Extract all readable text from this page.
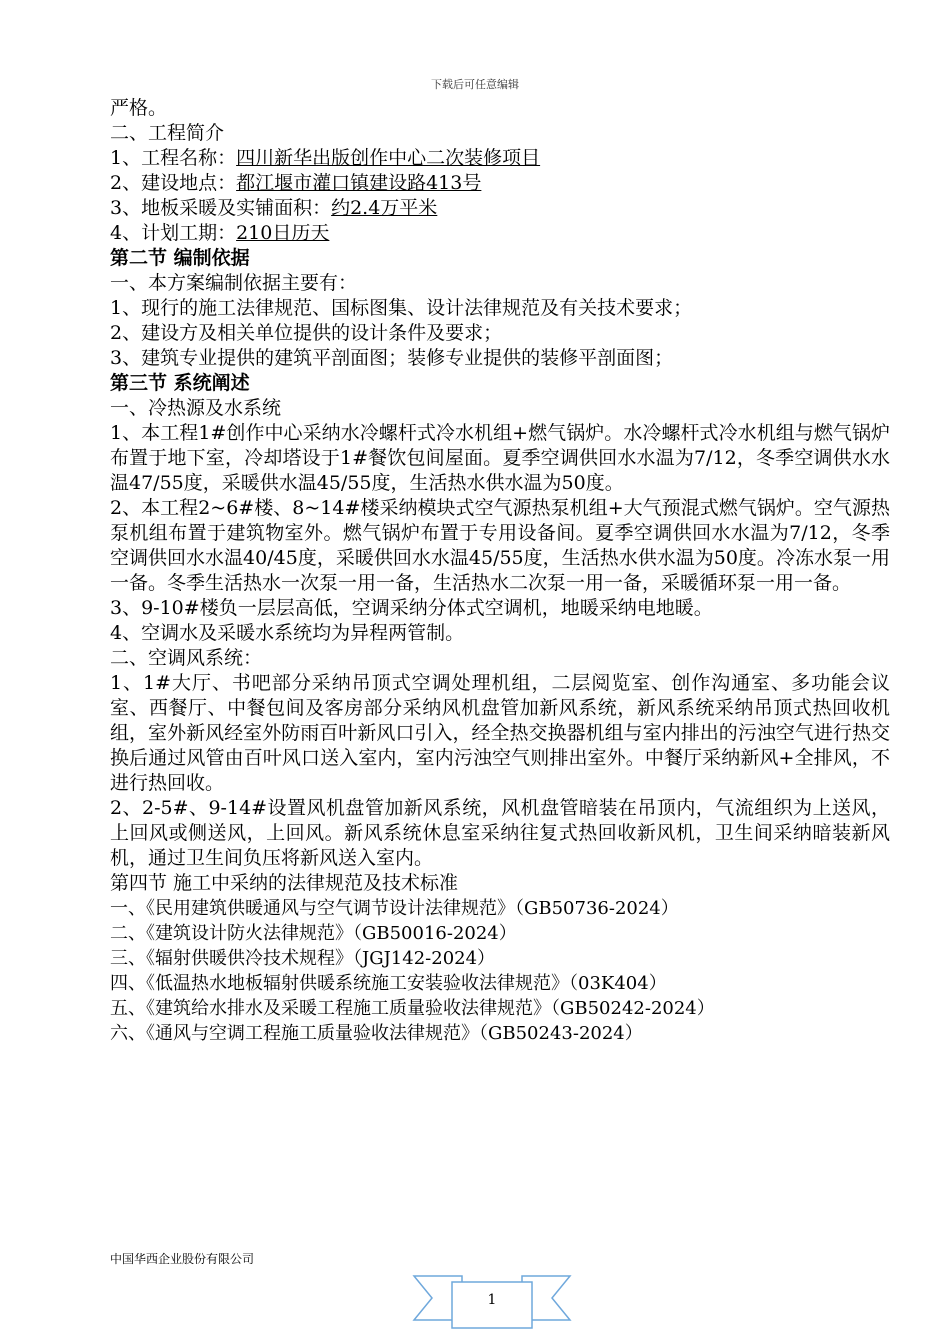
下载后可任意编辑
严格。
二、工程简介
1、工程名称：四川新华出版创作中心二次装修项目
2、建设地点：都江堰市灌口镇建设路413号
3、地板采暖及实铺面积：约2.4万平米
4、计划工期：210日历天
第二节 编制依据
一、本方案编制依据主要有：
1、现行的施工法律规范、国标图集、设计法律规范及有关技术要求；
2、建设方及相关单位提供的设计条件及要求；
3、建筑专业提供的建筑平剖面图；装修专业提供的装修平剖面图；
第三节 系统阐述
一、冷热源及水系统
1、本工程1#创作中心采纳水冷螺杆式冷水机组+燃气锅炉。水冷螺杆式冷水机组与燃气锅炉布置于地下室，冷却塔设于1#餐饮包间屋面。夏季空调供回水水温为7/12，冬季空调供水水温47/55度，采暖供水温45/55度，生活热水供水温为50度。
2、本工程2~6#楼、8~14#楼采纳模块式空气源热泵机组+大气预混式燃气锅炉。空气源热泵机组布置于建筑物室外。燃气锅炉布置于专用设备间。夏季空调供回水水温为7/12，冬季空调供回水水温40/45度，采暖供回水水温45/55度，生活热水供水温为50度。冷冻水泵一用一备。冬季生活热水一次泵一用一备，生活热水二次泵一用一备，采暖循环泵一用一备。
3、9-10#楼负一层层高低，空调采纳分体式空调机，地暖采纳电地暖。
4、空调水及采暖水系统均为异程两管制。
二、空调风系统：
1、1#大厅、书吧部分采纳吊顶式空调处理机组，二层阅览室、创作沟通室、多功能会议室、西餐厅、中餐包间及客房部分采纳风机盘管加新风系统，新风系统采纳吊顶式热回收机组，室外新风经室外防雨百叶新风口引入，经全热交换器机组与室内排出的污浊空气进行热交换后通过风管由百叶风口送入室内，室内污浊空气则排出室外。中餐厅采纳新风+全排风，不进行热回收。
2、2-5#、9-14#设置风机盘管加新风系统，风机盘管暗装在吊顶内，气流组织为上送风，上回风或侧送风，上回风。新风系统休息室采纳往复式热回收新风机，卫生间采纳暗装新风机，通过卫生间负压将新风送入室内。
第四节 施工中采纳的法律规范及技术标准
一、《民用建筑供暖通风与空气调节设计法律规范》（GB50736-2024）
二、《建筑设计防火法律规范》（GB50016-2024）
三、《辐射供暖供冷技术规程》（JGJ142-2024）
四、《低温热水地板辐射供暖系统施工安装验收法律规范》（03K404）
五、《建筑给水排水及采暖工程施工质量验收法律规范》（GB50242-2024）
六、《通风与空调工程施工质量验收法律规范》（GB50243-2024）
中国华西企业股份有限公司
1
